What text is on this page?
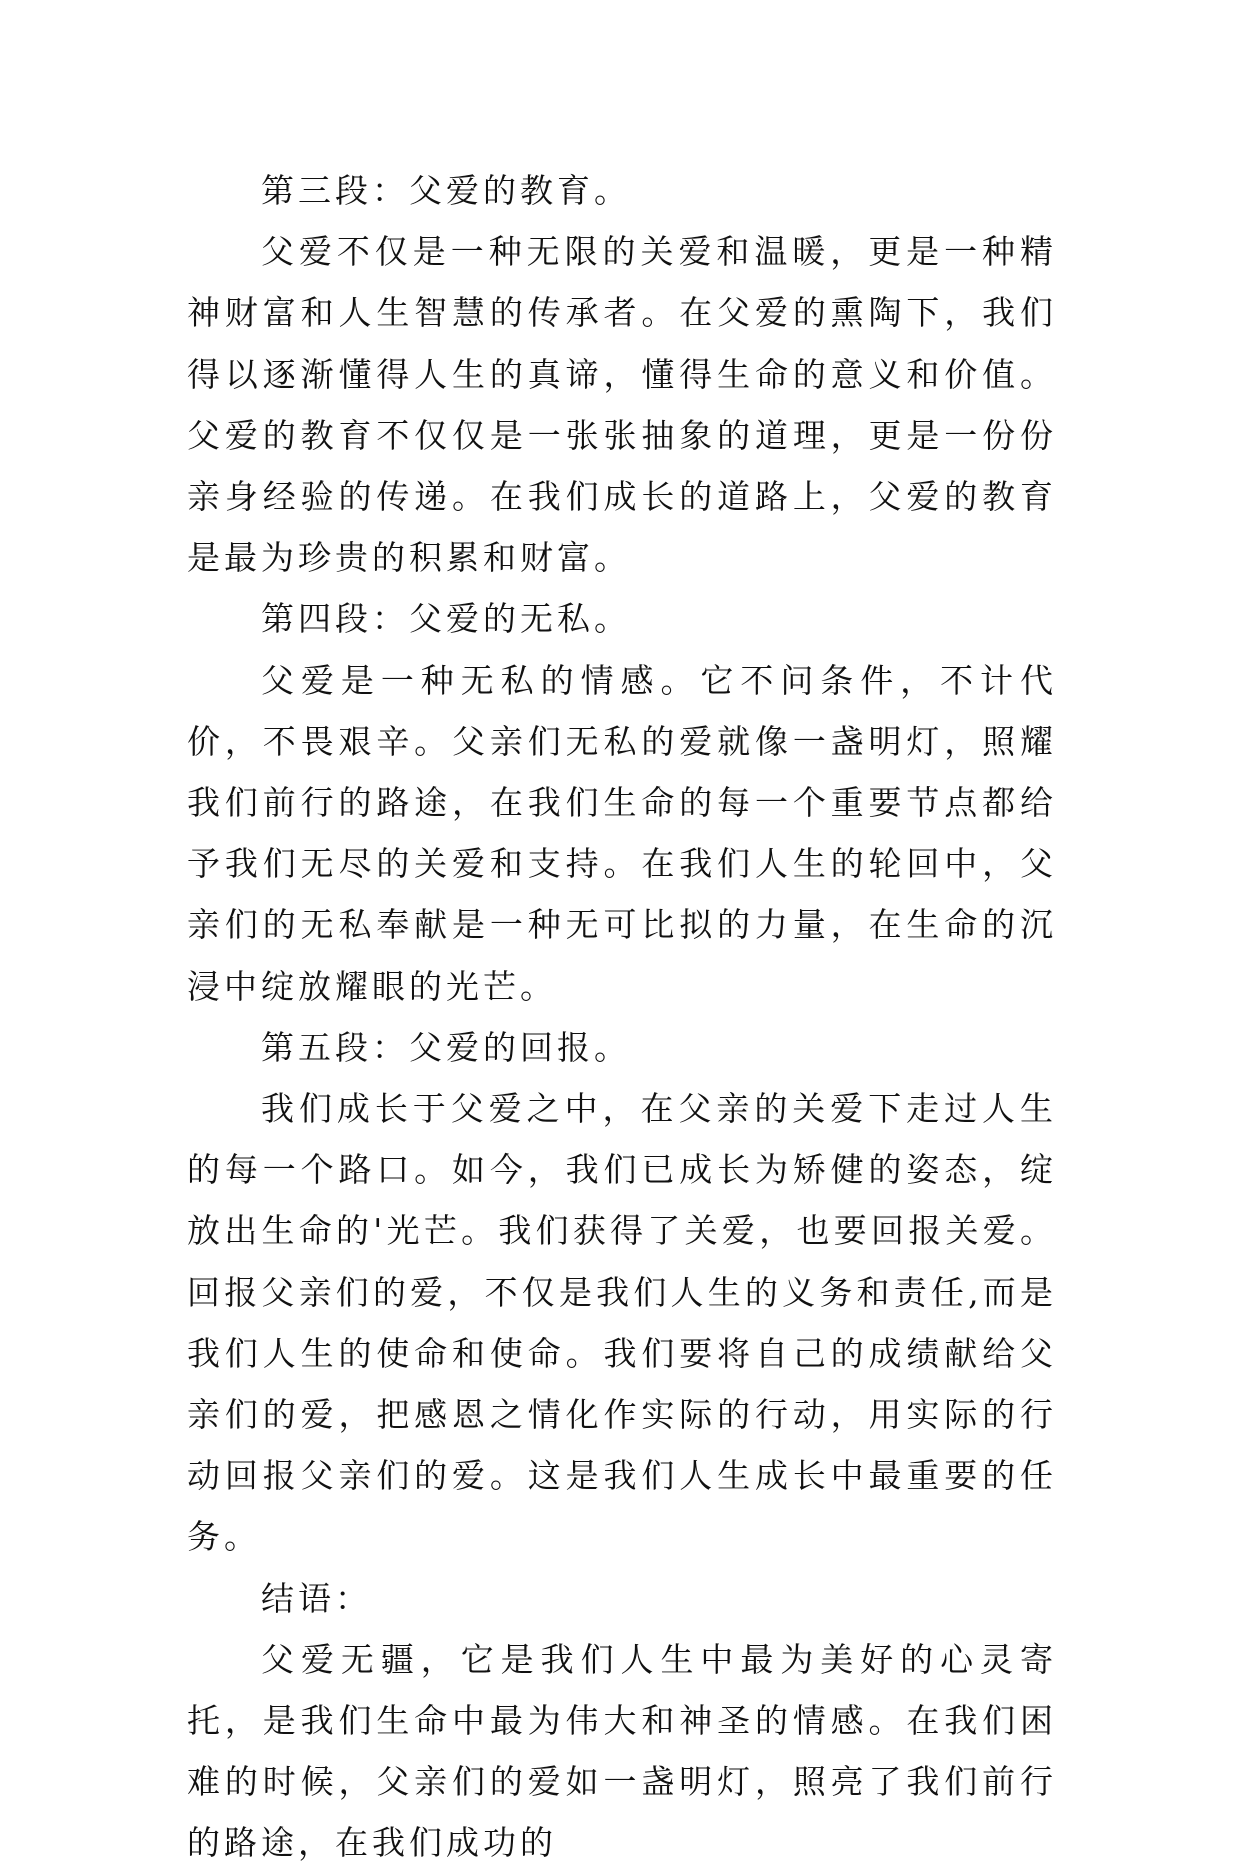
第三段：父爱的教育。

父爱不仅是一种无限的关爱和温暖，更是一种精神财富和人生智慧的传承者。在父爱的熏陶下，我们得以逐渐懂得人生的真谛，懂得生命的意义和价值。父爱的教育不仅仅是一张张抽象的道理，更是一份份亲身经验的传递。在我们成长的道路上，父爱的教育是最为珍贵的积累和财富。

第四段：父爱的无私。

父爱是一种无私的情感。它不问条件，不计代价，不畏艰辛。父亲们无私的爱就像一盏明灯，照耀我们前行的路途，在我们生命的每一个重要节点都给予我们无尽的关爱和支持。在我们人生的轮回中，父亲们的无私奉献是一种无可比拟的力量，在生命的沉浸中绽放耀眼的光芒。

第五段：父爱的回报。

我们成长于父爱之中，在父亲的关爱下走过人生的每一个路口。如今，我们已成长为矫健的姿态，绽放出生命的'光芒。我们获得了关爱，也要回报关爱。回报父亲们的爱，不仅是我们人生的义务和责任,而是我们人生的使命和使命。我们要将自己的成绩献给父亲们的爱，把感恩之情化作实际的行动，用实际的行动回报父亲们的爱。这是我们人生成长中最重要的任务。

结语：

父爱无疆，它是我们人生中最为美好的心灵寄托，是我们生命中最为伟大和神圣的情感。在我们困难的时候，父亲们的爱如一盏明灯，照亮了我们前行的路途，在我们成功的
